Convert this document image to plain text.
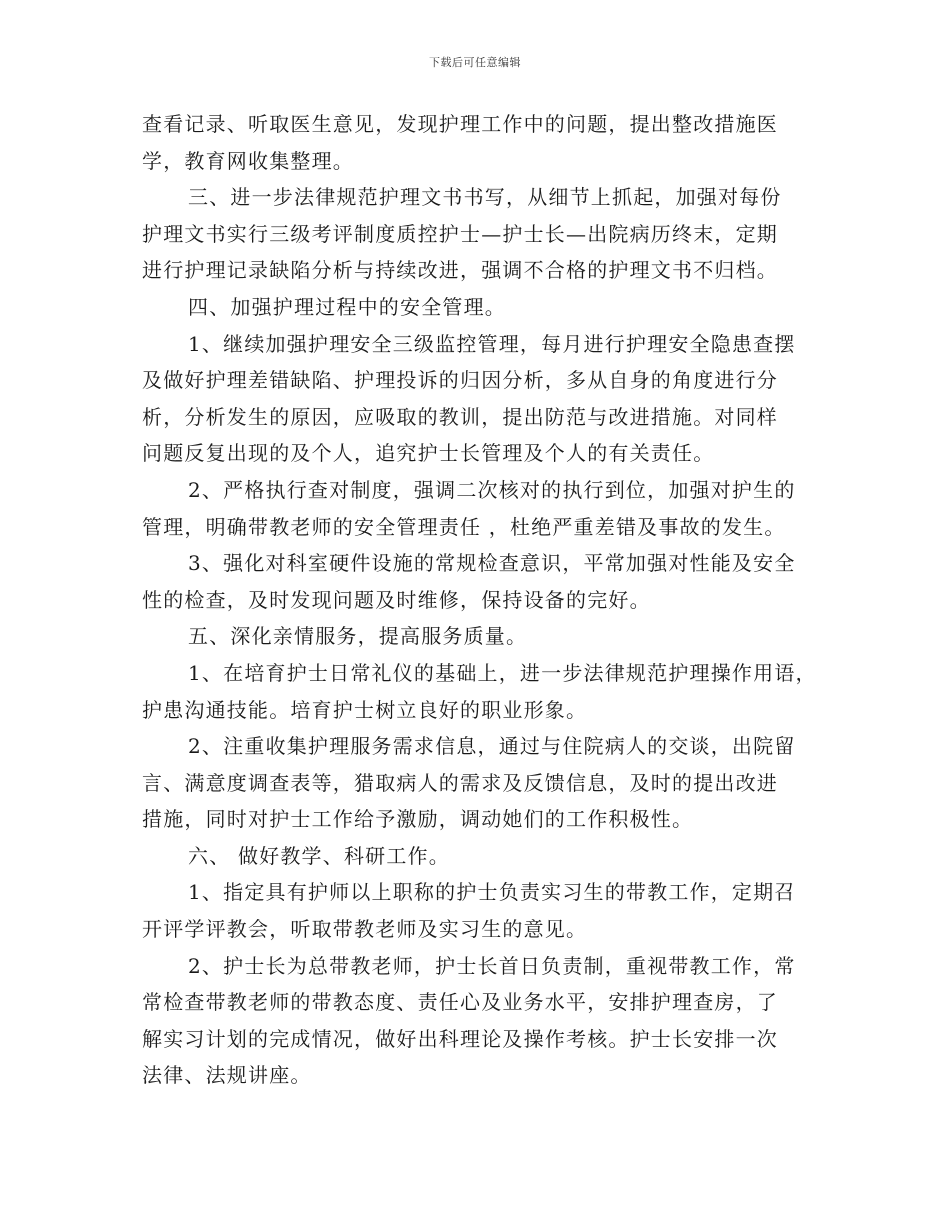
下载后可任意编辑
查看记录、听取医生意见，发现护理工作中的问题，提出整改措施医
学，教育网收集整理。
三、进一步法律规范护理文书书写，从细节上抓起，加强对每份
护理文书实行三级考评制度质控护士—护士长—出院病历终末，定期
进行护理记录缺陷分析与持续改进，强调不合格的护理文书不归档。
四、加强护理过程中的安全管理。
1、继续加强护理安全三级监控管理，每月进行护理安全隐患查摆
及做好护理差错缺陷、护理投诉的归因分析，多从自身的角度进行分
析，分析发生的原因，应吸取的教训，提出防范与改进措施。对同样
问题反复出现的及个人，追究护士长管理及个人的有关责任。
2、严格执行查对制度，强调二次核对的执行到位，加强对护生的
管理，明确带教老师的安全管理责任 ，杜绝严重差错及事故的发生。
3、强化对科室硬件设施的常规检查意识，平常加强对性能及安全
性的检查，及时发现问题及时维修，保持设备的完好。
五、深化亲情服务，提高服务质量。
1、在培育护士日常礼仪的基础上，进一步法律规范护理操作用语，
护患沟通技能。培育护士树立良好的职业形象。
2、注重收集护理服务需求信息，通过与住院病人的交谈，出院留
言、满意度调查表等，猎取病人的需求及反馈信息，及时的提出改进
措施，同时对护士工作给予激励，调动她们的工作积极性。
六、 做好教学、科研工作。
1、指定具有护师以上职称的护士负责实习生的带教工作，定期召
开评学评教会，听取带教老师及实习生的意见。
2、护士长为总带教老师，护士长首日负责制，重视带教工作，常
常检查带教老师的带教态度、责任心及业务水平，安排护理查房，了
解实习计划的完成情况，做好出科理论及操作考核。护士长安排一次
法律、法规讲座。
